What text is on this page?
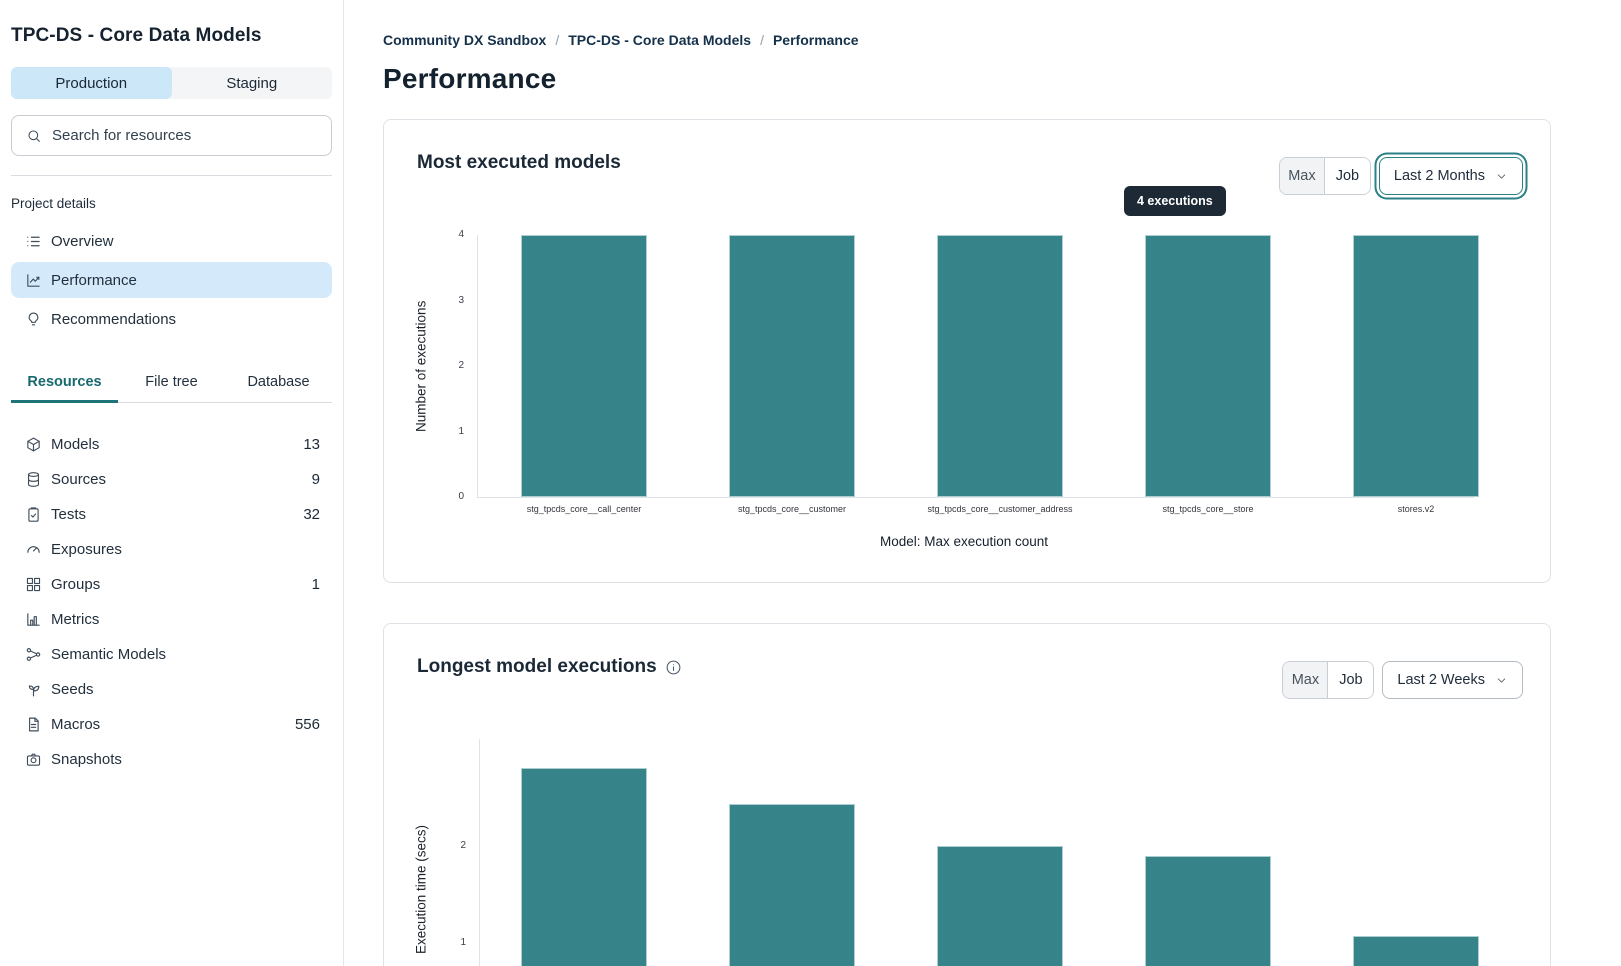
TPC-DS - Core Data Models
Production	Staging
Search for resources
Project details
Overview
Performance
Recommendations
Resources	File tree	Database
Models	13
Sources	9
Tests	32
Exposures
Groups	1
Metrics
Semantic Models
Seeds
Macros	556
Snapshots
Community DX Sandbox / TPC-DS - Core Data Models / Performance
Performance
Most executed models
Max	Job	Last 2 Months
0
1
2
3
4
stg_tpcds_core__call_center	stg_tpcds_core__customer	stg_tpcds_core__customer_address	stg_tpcds_core__store	stores.v2
Model: Max execution count
Number of executions
4 executions
Longest model executions
Max	Job	Last 2 Weeks
1
2
Execution time (secs)
